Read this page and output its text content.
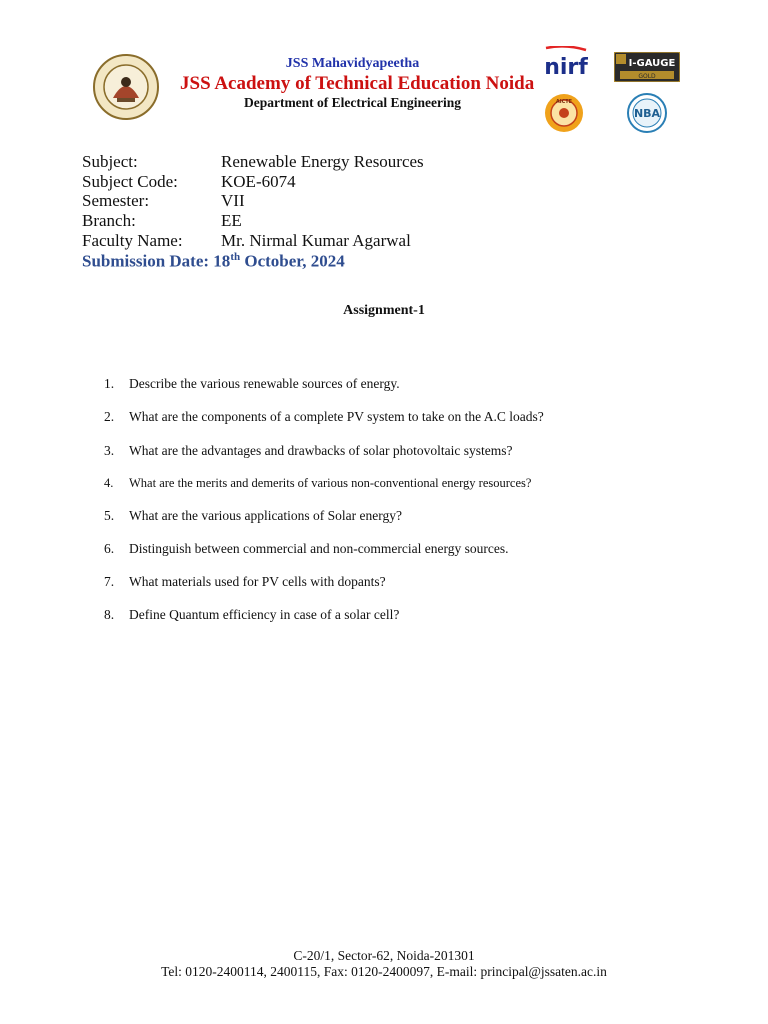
JSS Mahavidyapeetha
JSS Academy of Technical Education Noida
Department of Electrical Engineering
nirf	I-GAUGE
GOLD
AICTE
NBA
Subject:	Renewable Energy Resources
Subject Code:	KOE-6074
Semester:	VII
Branch:	EE
Faculty Name: Mr. Nirmal Kumar Agarwal
Submission Date: 18th October, 2024
Assignment-1
1. Describe the various renewable sources of energy.
2. What are the components of a complete PV system to take on the A.C loads?
3. What are the advantages and drawbacks of solar photovoltaic systems?
4. What are the merits and demerits of various non-conventional energy resources?
5. What are the various applications of Solar energy?
6. Distinguish between commercial and non-commercial energy sources.
7. What materials used for PV cells with dopants?
8. Define Quantum efficiency in case of a solar cell?
C-20/1, Sector-62, Noida-201301
Tel: 0120-2400114, 2400115, Fax: 0120-2400097, E-mail: principal@jssaten.ac.in
